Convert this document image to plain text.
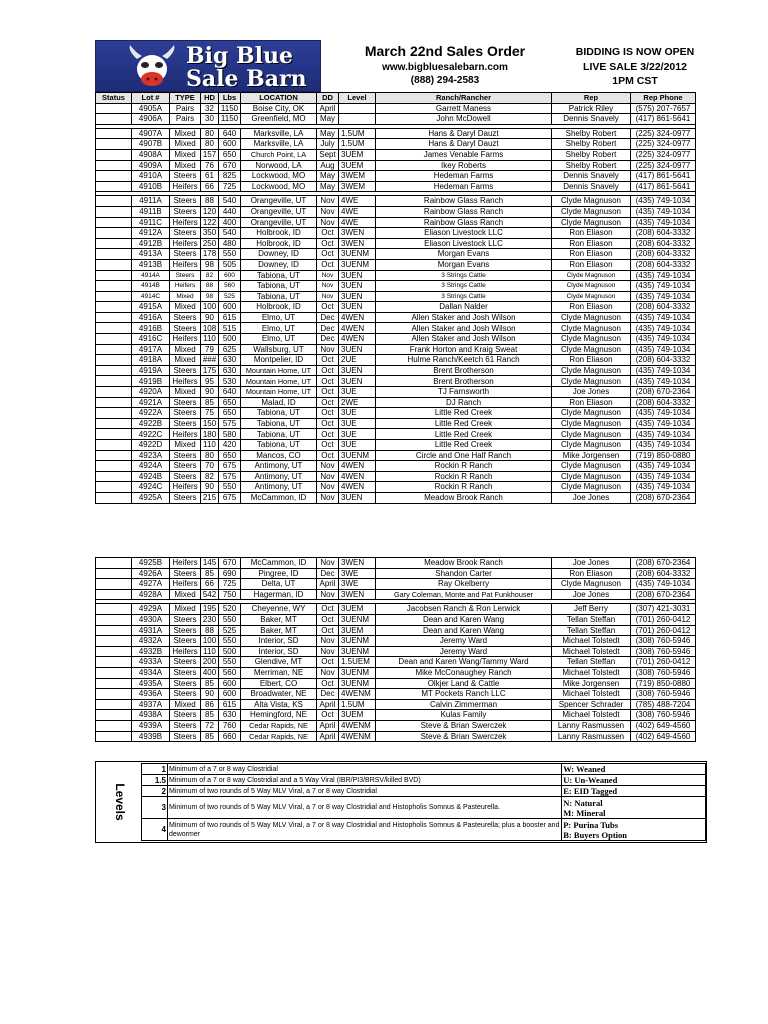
Big Blue
Sale Barn
March 22nd Sales Order
www.bigbluesalebarn.com
(888) 294-2583
BIDDING IS NOW OPEN
LIVE SALE 3/22/2012
1PM CST
Status	Lot #	TYPE	HD	Lbs	LOCATION	DD	Level	Ranch/Rancher	Rep	Rep Phone
	4905A	Pairs	32	1150	Boise City, OK	April		Garrett Maness	Patrick Riley	(575) 207-7657
	4906A	Pairs	30	1150	Greenfield, MO	May		John McDowell	Dennis Snavely	(417) 861-5641

	4907A	Mixed	80	640	Marksville, LA	May	1.5UM	Hans & Daryl Dauzt	Shelby Robert	(225) 324-0977
	4907B	Mixed	80	600	Marksville, LA	July	1.5UM	Hans & Daryl Dauzt	Shelby Robert	(225) 324-0977
	4908A	Mixed	157	650	Church Point, LA	Sept	3UEM	James Venable Farms	Shelby Robert	(225) 324-0977
	4909A	Mixed	76	670	Norwood, LA	Aug	3UEM	Ikey Roberts	Shelby Robert	(225) 324-0977
	4910A	Steers	61	825	Lockwood, MO	May	3WEM	Hedeman Farms	Dennis Snavely	(417) 861-5641
	4910B	Heifers	66	725	Lockwood, MO	May	3WEM	Hedeman Farms	Dennis Snavely	(417) 861-5641

	4911A	Steers	88	540	Orangeville, UT	Nov	4WE	Rainbow Glass Ranch	Clyde Magnuson	(435) 749-1034
	4911B	Steers	120	440	Orangeville, UT	Nov	4WE	Rainbow Glass Ranch	Clyde Magnuson	(435) 749-1034
	4911C	Heifers	122	400	Orangeville, UT	Nov	4WE	Rainbow Glass Ranch	Clyde Magnuson	(435) 749-1034
	4912A	Steers	350	540	Holbrook, ID	Oct	3WEN	Eliason Livestock LLC	Ron Eliason	(208) 604-3332
	4912B	Heifers	250	480	Holbrook, ID	Oct	3WEN	Eliason Livestock LLC	Ron Eliason	(208) 604-3332
	4913A	Steers	178	550	Downey, ID	Oct	3UENM	Morgan Evans	Ron Eliason	(208) 604-3332
	4913B	Heifers	98	505	Downey, ID	Oct	3UENM	Morgan Evans	Ron Eliason	(208) 604-3332
	4914A	Steers	82	600	Tabiona, UT	Nov	3UEN	3 Strings Cattle	Clyde Magnuson	(435) 749-1034
	4914B	Heifers	88	560	Tabiona, UT	Nov	3UEN	3 Strings Cattle	Clyde Magnuson	(435) 749-1034
	4914C	Mixed	98	525	Tabiona, UT	Nov	3UEN	3 Strings Cattle	Clyde Magnuson	(435) 749-1034
	4915A	Mixed	100	600	Holbrook, ID	Oct	3UEN	Dallan Nalder	Ron Eliason	(208) 604-3332
	4916A	Steers	90	615	Elmo, UT	Dec	4WEN	Allen Staker and Josh Wilson	Clyde Magnuson	(435) 749-1034
	4916B	Steers	108	515	Elmo, UT	Dec	4WEN	Allen Staker and Josh Wilson	Clyde Magnuson	(435) 749-1034
	4916C	Heifers	110	500	Elmo, UT	Dec	4WEN	Allen Staker and Josh Wilson	Clyde Magnuson	(435) 749-1034
	4917A	Mixed	79	625	Wallsburg, UT	Nov	3UEN	Frank Horton and Kraig Sweat	Clyde Magnuson	(435) 749-1034
	4918A	Mixed	###	630	Montpelier, ID	Oct	2UE	Hulme Ranch/Keetch 61 Ranch	Ron Eliason	(208) 604-3332
	4919A	Steers	175	630	Mountain Home, UT	Oct	3UEN	Brent Brotherson	Clyde Magnuson	(435) 749-1034
	4919B	Heifers	95	530	Mountain Home, UT	Oct	3UEN	Brent Brotherson	Clyde Magnuson	(435) 749-1034
	4920A	Mixed	90	640	Mountain Home, UT	Oct	3UE	TJ Farnsworth	Joe Jones	(208) 670-2364
	4921A	Steers	85	650	Malad, ID	Oct	2WE	DJ Ranch	Ron Eliason	(208) 604-3332
	4922A	Steers	75	650	Tabiona, UT	Oct	3UE	Little Red Creek	Clyde Magnuson	(435) 749-1034
	4922B	Steers	150	575	Tabiona, UT	Oct	3UE	Little Red Creek	Clyde Magnuson	(435) 749-1034
	4922C	Heifers	180	580	Tabiona, UT	Oct	3UE	Little Red Creek	Clyde Magnuson	(435) 749-1034
	4922D	Mixed	110	420	Tabiona, UT	Oct	3UE	Little Red Creek	Clyde Magnuson	(435) 749-1034
	4923A	Steers	80	650	Mancos, CO	Oct	3UENM	Circle and One Half Ranch	Mike Jorgensen	(719) 850-0880
	4924A	Steers	70	675	Antimony, UT	Nov	4WEN	Rockin R Ranch	Clyde Magnuson	(435) 749-1034
	4924B	Steers	82	575	Antimony, UT	Nov	4WEN	Rockin R Ranch	Clyde Magnuson	(435) 749-1034
	4924C	Heifers	90	550	Antimony, UT	Nov	4WEN	Rockin R Ranch	Clyde Magnuson	(435) 749-1034
	4925A	Steers	215	675	McCammon, ID	Nov	3UEN	Meadow Brook Ranch	Joe Jones	(208) 670-2364
	4925B	Heifers	145	670	McCammon, ID	Nov	3WEN	Meadow Brook Ranch	Joe Jones	(208) 670-2364
	4926A	Steers	85	690	Pingree, ID	Dec	3WE	Shandon Carter	Ron Eliason	(208) 604-3332
	4927A	Heifers	66	725	Delta, UT	April	3WE	Ray Okelberry	Clyde Magnuson	(435) 749-1034
	4928A	Mixed	542	750	Hagerman, ID	Nov	3WEN	Gary Coleman, Monte and Pat Funkhouser	Joe Jones	(208) 670-2364

	4929A	Mixed	195	520	Cheyenne, WY	Oct	3UEM	Jacobsen Ranch & Ron Lerwick	Jeff Berry	(307) 421-3031
	4930A	Steers	230	550	Baker, MT	Oct	3UENM	Dean and Karen Wang	Tellan Steffan	(701) 260-0412
	4931A	Steers	88	525	Baker, MT	Oct	3UEM	Dean and Karen Wang	Tellan Steffan	(701) 260-0412
	4932A	Steers	100	550	Interior, SD	Nov	3UENM	Jeremy Ward	Michael Tolstedt	(308) 760-5946
	4932B	Heifers	110	500	Interior, SD	Nov	3UENM	Jeremy Ward	Michael Tolstedt	(308) 760-5946
	4933A	Steers	200	550	Glendive, MT	Oct	1.5UEM	Dean and Karen Wang/Tammy Ward	Tellan Steffan	(701) 260-0412
	4934A	Steers	400	560	Merriman, NE	Nov	3UENM	Mike McConaughey Ranch	Michael Tolstedt	(308) 760-5946
	4935A	Steers	85	600	Elbert, CO	Oct	3UENM	Olkjer Land & Cattle	Mike Jorgensen	(719) 850-0880
	4936A	Steers	90	600	Broadwater, NE	Dec	4WENM	MT Pockets Ranch LLC	Michael Tolstedt	(308) 760-5946
	4937A	Mixed	86	615	Alta Vista, KS	April	1.5UM	Calvin Zimmerman	Spencer Schrader	(785) 488-7204
	4938A	Steers	85	630	Hemingford, NE	Oct	3UEM	Kulas Family	Michael Tolstedt	(308) 760-5946
	4939A	Steers	72	760	Cedar Rapids, NE	April	4WENM	Steve & Brian Swerczek	Lanny Rasmussen	(402) 649-4560
	4939B	Steers	85	660	Cedar Rapids, NE	April	4WENM	Steve & Brian Swerczek	Lanny Rasmussen	(402) 649-4560
Levels
1	Minimum of a 7 or 8 way Clostridial	W: Weaned

1.5	Minimum of a 7 or 8 way Clostridial and a 5 Way Viral (IBR/PI3/BRSV/killed BVD)	U: Un-Weaned

2	Minimum of two rounds of 5 Way MLV Viral, a 7 or 8 way Clostridial	E: EID Tagged

3	Minimum of two rounds of 5 Way MLV Viral, a 7 or 8 way Clostridial and Histopholis Somnus & Pasteurella.	N: Natural
M: Mineral

4	Minimum of two rounds of 5 Way MLV Viral, a 7 or 8 way Clostridial and Histopholis Somnus & Pasteurella; plus a booster and dewormer	P: Purina Tubs
B: Buyers Option
